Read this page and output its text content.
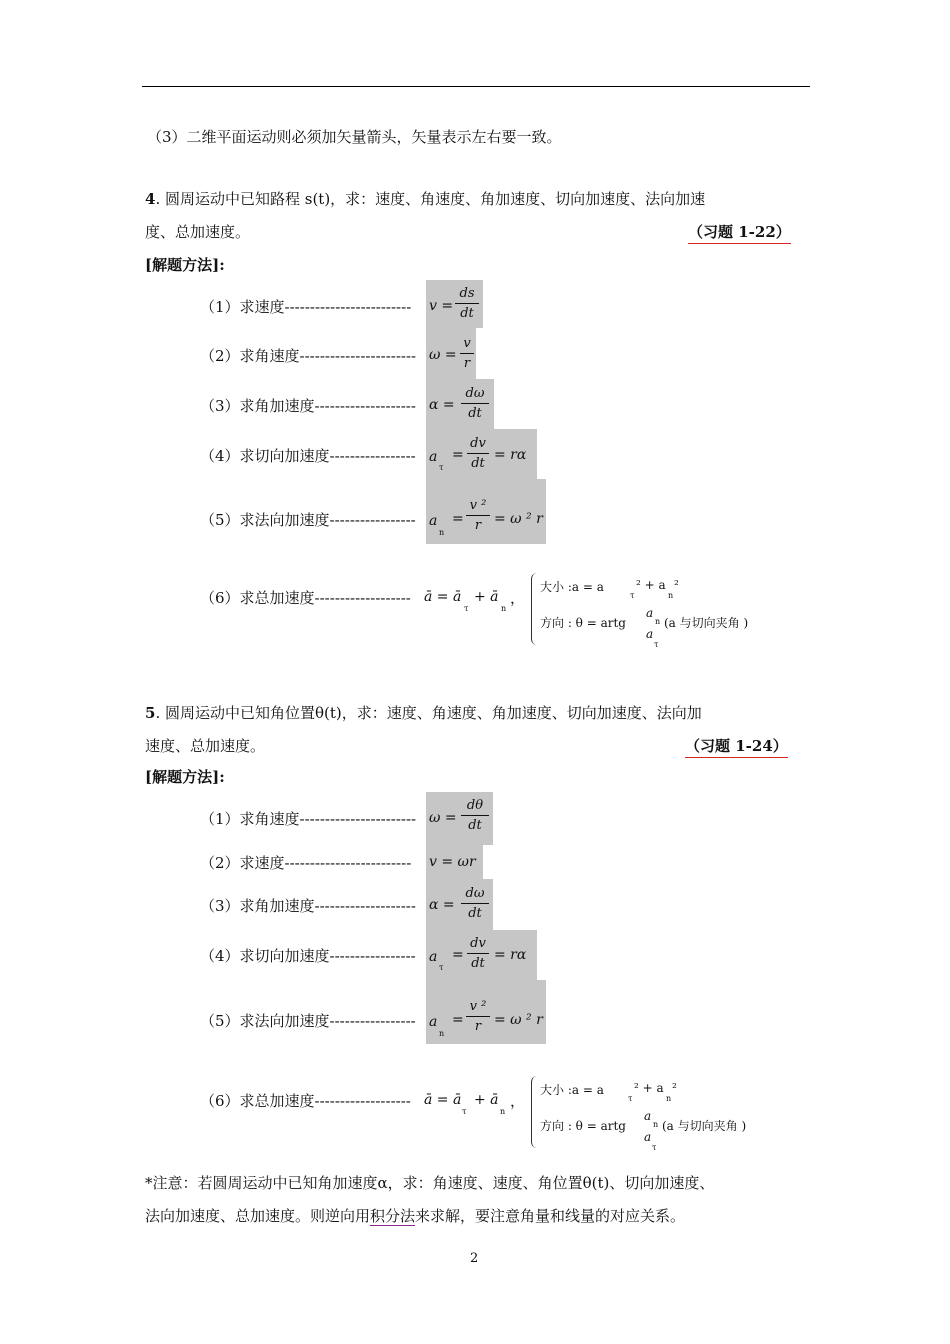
（3）二维平面运动则必须加矢量箭头，矢量表示左右要一致。
4. 圆周运动中已知路程 s(t)，求：速度、角速度、角加速度、切向加速度、法向加速
度、总加速度。	（习题 1-22）
[解题方法]:
（1）求速度------------------------- v =
ds
dt
（2）求角速度----------------------- ω =
v
r
（3）求角加速度-------------------- α =
dω
dt
（4）求切向加速度----------------- a
τ
=
dv
dt
= rα
（5）求法向加速度----------------- a
n
=
v ²
r = ω ² r
（6）求总加速度------------------- ā = ā
τ
+ ā
n
，
大小 :a = a
τ
² + a
n
²
方向 : θ = artg
a
n
a
τ
(a 与切向夹角 )
5. 圆周运动中已知角位置θ(t)，求：速度、角速度、角加速度、切向加速度、法向加
速度、总加速度。	（习题 1-24）
[解题方法]:
（1）求角速度----------------------- ω =
dθ
dt
（2）求速度------------------------- v = ωr
（3）求角加速度-------------------- α =
dω
dt
（4）求切向加速度----------------- a
τ
=
dv
dt
= rα
（5）求法向加速度----------------- a
n
=
v ²
r = ω ² r
（6）求总加速度------------------- ā = ā
τ
+ ā
n
，
大小 :a = a
τ
² + a
n
²
方向 : θ = artg
a
n
a
τ
(a 与切向夹角 )
*注意：若圆周运动中已知角加速度α，求：角速度、速度、角位置θ(t)、切向加速度、
法向加速度、总加速度。则逆向用积分法来求解，要注意角量和线量的对应关系。
2
